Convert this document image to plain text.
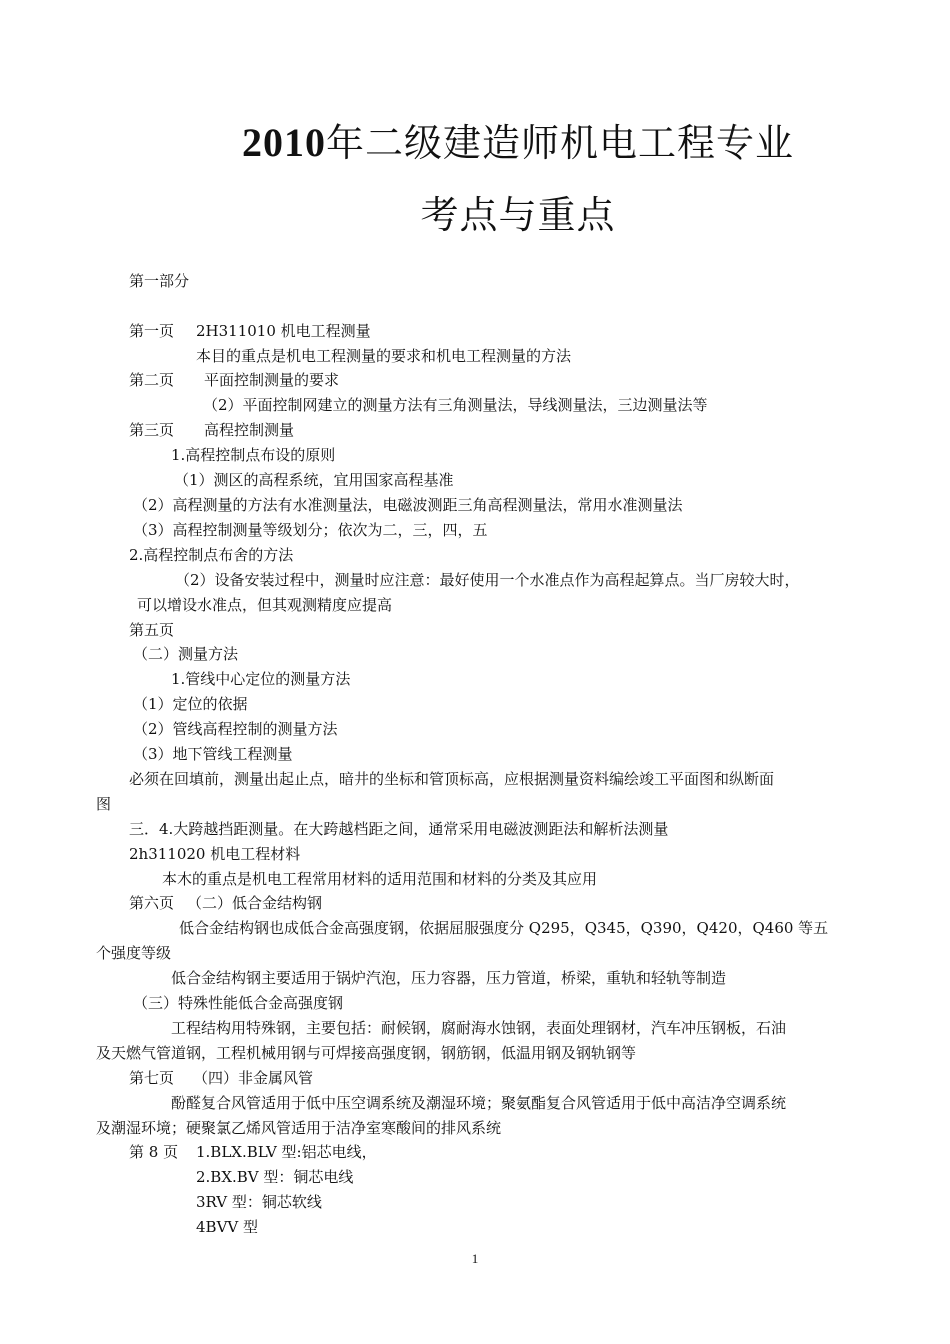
2010年二级建造师机电工程专业
考点与重点
第一部分
第一页 2H311010 机电工程测量
本目的重点是机电工程测量的要求和机电工程测量的方法
第二页 平面控制测量的要求
（2）平面控制网建立的测量方法有三角测量法，导线测量法，三边测量法等
第三页 高程控制测量
1.高程控制点布设的原则
（1）测区的高程系统，宜用国家高程基准
（2）高程测量的方法有水准测量法，电磁波测距三角高程测量法，常用水准测量法
（3）高程控制测量等级划分；依次为二，三，四，五
2.高程控制点布舍的方法
（2）设备安装过程中，测量时应注意：最好使用一个水准点作为高程起算点。当厂房较大时，
可以增设水准点，但其观测精度应提高
第五页
（二）测量方法
1.管线中心定位的测量方法
（1）定位的依据
（2）管线高程控制的测量方法
（3）地下管线工程测量
必须在回填前，测量出起止点，暗井的坐标和管顶标高，应根据测量资料编绘竣工平面图和纵断面
图
三．4.大跨越挡距测量。在大跨越档距之间，通常采用电磁波测距法和解析法测量
2h311020 机电工程材料
本木的重点是机电工程常用材料的适用范围和材料的分类及其应用
第六页 （二）低合金结构钢
低合金结构钢也成低合金高强度钢，依据屈服强度分 Q295，Q345，Q390，Q420，Q460 等五
个强度等级
低合金结构钢主要适用于锅炉汽泡，压力容器，压力管道，桥梁，重轨和轻轨等制造
（三）特殊性能低合金高强度钢
工程结构用特殊钢，主要包括：耐候钢，腐耐海水蚀钢，表面处理钢材，汽车冲压钢板，石油
及天燃气管道钢，工程机械用钢与可焊接高强度钢，钢筋钢，低温用钢及钢轨钢等
第七页 （四）非金属风管
酚醛复合风管适用于低中压空调系统及潮湿环境；聚氨酯复合风管适用于低中高洁净空调系统
及潮湿环境；硬聚氯乙烯风管适用于洁净室寒酸间的排风系统
第 8 页 1.BLX.BLV 型:铝芯电线，
2.BX.BV 型：铜芯电线
3RV 型：铜芯软线
4BVV 型
1
